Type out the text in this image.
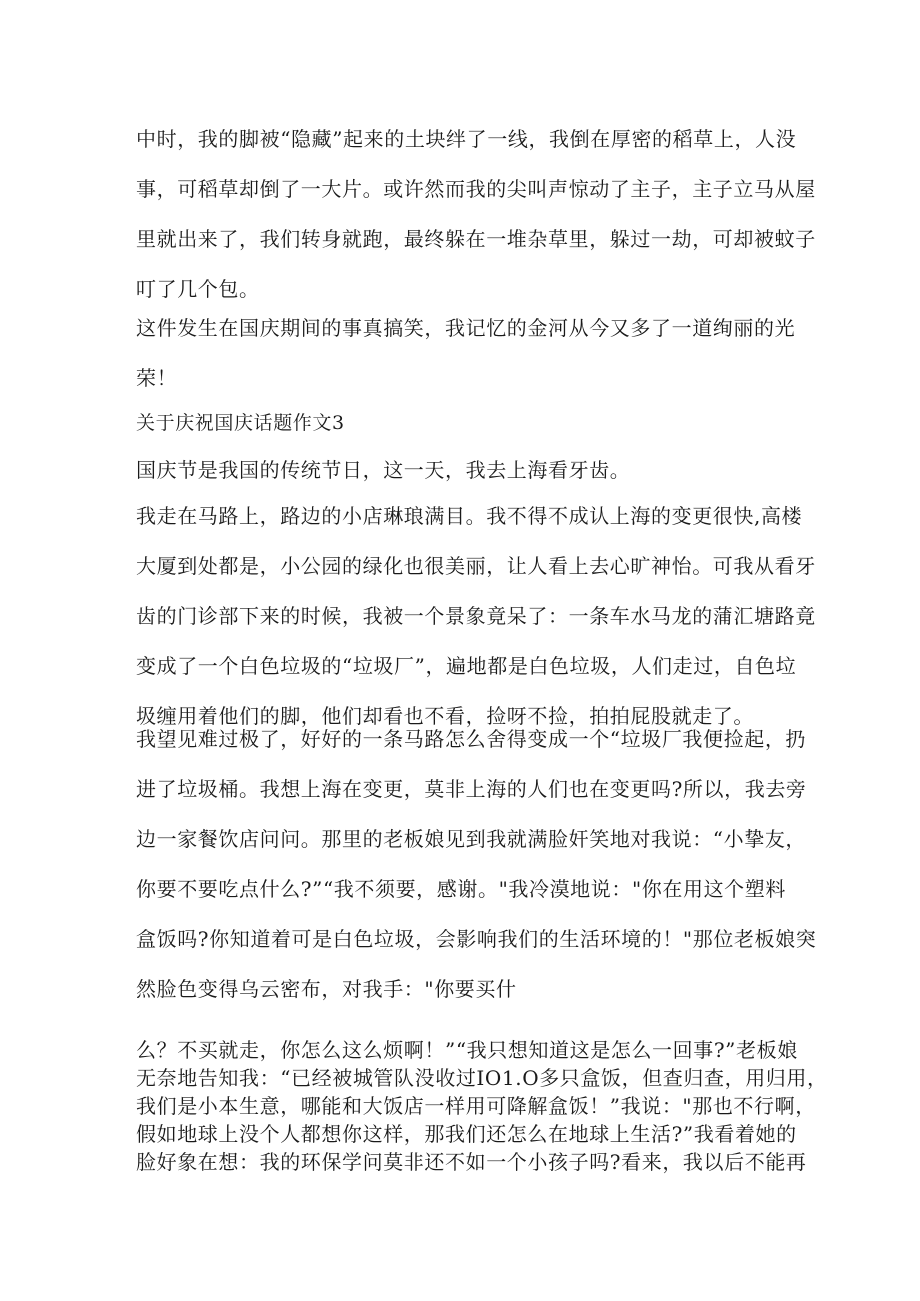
中时，我的脚被“隐藏”起来的土块绊了一线，我倒在厚密的稻草上，人没
事，可稻草却倒了一大片。或许然而我的尖叫声惊动了主子，主子立马从屋
里就出来了，我们转身就跑，最终躲在一堆杂草里，躲过一劫，可却被蚊子
叮了几个包。
这件发生在国庆期间的事真搞笑，我记忆的金河从今又多了一道绚丽的光
荣！
关于庆祝国庆话题作文3
国庆节是我国的传统节日，这一天，我去上海看牙齿。
我走在马路上，路边的小店琳琅满目。我不得不成认上海的变更很快,高楼
大厦到处都是，小公园的绿化也很美丽，让人看上去心旷神怡。可我从看牙
齿的门诊部下来的时候，我被一个景象竟呆了：一条车水马龙的蒲汇塘路竟
变成了一个白色垃圾的“垃圾厂”，遍地都是白色垃圾，人们走过，自色垃
圾缠用着他们的脚，他们却看也不看，捡呀不捡，拍拍屁股就走了。
我望见难过极了，好好的一条马路怎么舍得变成一个“垃圾厂我便捡起，扔
进了垃圾桶。我想上海在变更，莫非上海的人们也在变更吗?所以，我去旁
边一家餐饮店问问。那里的老板娘见到我就满脸奸笑地对我说：“小挚友，
你要不要吃点什么?”“我不须要，感谢。"我冷漠地说："你在用这个塑料
盒饭吗?你知道着可是白色垃圾，会影响我们的生活环境的！"那位老板娘突
然脸色变得乌云密布，对我手："你要买什
么？不买就走，你怎么这么烦啊！”“我只想知道这是怎么一回事?”老板娘
无奈地告知我：“已经被城管队没收过IO1.O多只盒饭，但查归查，用归用，
我们是小本生意，哪能和大饭店一样用可降解盒饭！”我说："那也不行啊，
假如地球上没个人都想你这样，那我们还怎么在地球上生活?”我看着她的
脸好象在想：我的环保学问莫非还不如一个小孩子吗?看来，我以后不能再
